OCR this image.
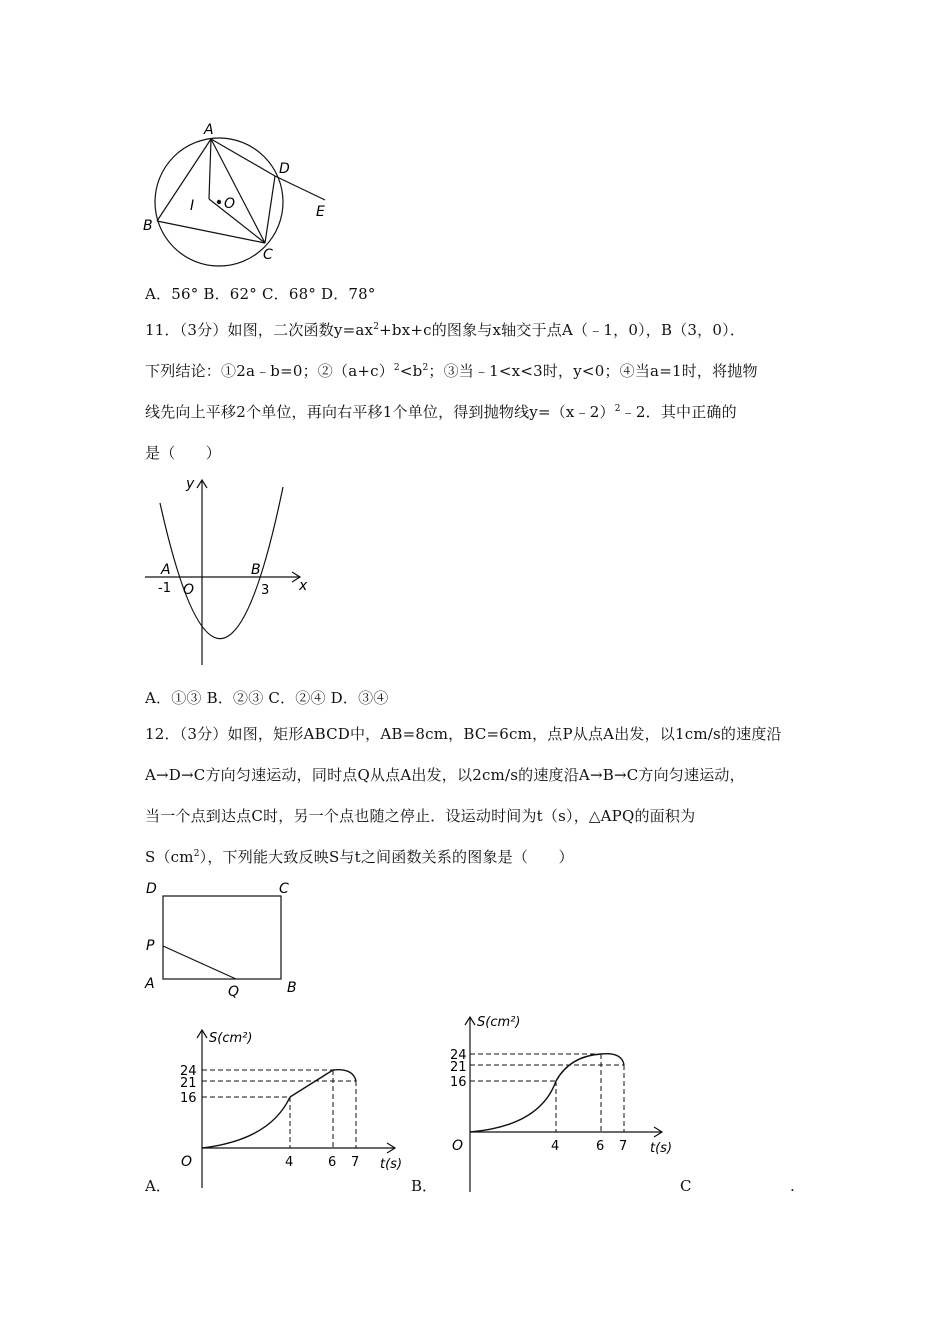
A
B
C
D
E
I O
A．56° B．62° C．68° D．78°
11．（3分）如图，二次函数$y=ax^2+bx+c$的图象与x轴交于点A（﹣1，0），B（3，0）．
下列结论：①2a﹣b=0；$②(a+c)^2<b^2$；③当﹣1<x<3时，y<0；④当a=1时，将抛物
线先向上平移2个单位，再向右平移1个单位，得到抛物线y=（x﹣2）$^2$﹣2．其中正确的
是（　　）
y
x
A	B
-1 O	3
A．①③ B．②③ C．②④ D．③④
12．（3分）如图，矩形ABCD中，AB=8cm，BC=6cm，点P从点A出发，以1cm/s的速度沿
A→D→C方向匀速运动，同时点Q从点A出发，以2cm/s的速度沿A→B→C方向匀速运动，
当一个点到达点C时，另一个点也随之停止．设运动时间为t（s），△APQ的面积为
$S(cm^2)$，下列能大致反映S与t之间函数关系的图象是（　　）
D	C
P
A	Q	B
S(cm²)
24
21
16
O	4	6 7 t(s)
A．
S(cm²)
24
21
16
O	4	6 7 t(s)
B．	C	.
